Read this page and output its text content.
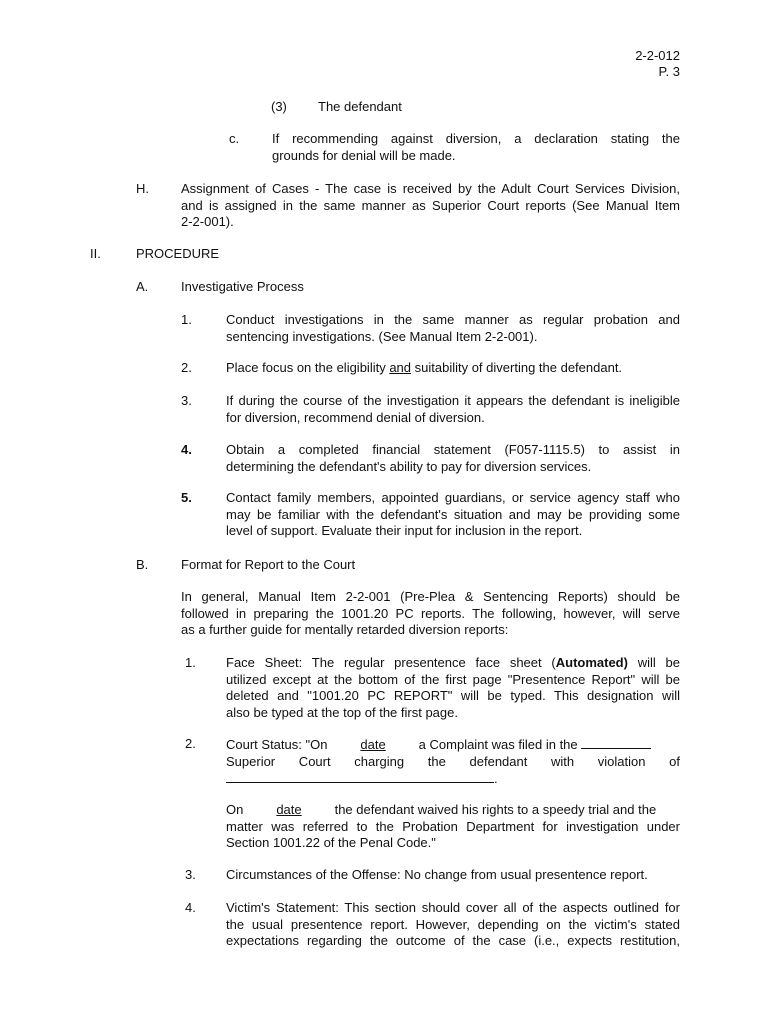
2-2-012
P. 3
(3) The defendant
c.	If recommending against diversion, a declaration stating the
grounds for denial will be made.
H. Assignment of Cases - The case is received by the Adult Court Services Division,
and is assigned in the same manner as Superior Court reports (See Manual Item
2-2-001).
II.	PROCEDURE
A.	Investigative Process
1.	Conduct investigations in the same manner as regular probation and
sentencing investigations. (See Manual Item 2-2-001).
2.	Place focus on the eligibility and suitability of diverting the defendant.
3.	If during the course of the investigation it appears the defendant is ineligible
for diversion, recommend denial of diversion.
4.	Obtain a completed financial statement (F057-1115.5) to assist in
determining the defendant's ability to pay for diversion services.
5.	Contact family members, appointed guardians, or service agency staff who
may be familiar with the defendant's situation and may be providing some
level of support. Evaluate their input for inclusion in the report.
B.	Format for Report to the Court
In general, Manual Item 2-2-001 (Pre-Plea & Sentencing Reports) should be
followed in preparing the 1001.20 PC reports. The following, however, will serve
as a further guide for mentally retarded diversion reports:
1. Face Sheet: The regular presentence face sheet (Automated) will be
utilized except at the bottom of the first page "Presentence Report" will be
deleted and "1001.20 PC REPORT" will be typed. This designation will
also be typed at the top of the first page.
2. Court Status: "On date a Complaint was filed in the
Superior Court charging the defendant with violation of
.
On date the defendant waived his rights to a speedy trial and the
matter was referred to the Probation Department for investigation under
Section 1001.22 of the Penal Code."
3. Circumstances of the Offense: No change from usual presentence report.
4. Victim's Statement: This section should cover all of the aspects outlined for
the usual presentence report. However, depending on the victim's stated
expectations regarding the outcome of the case (i.e., expects restitution,
